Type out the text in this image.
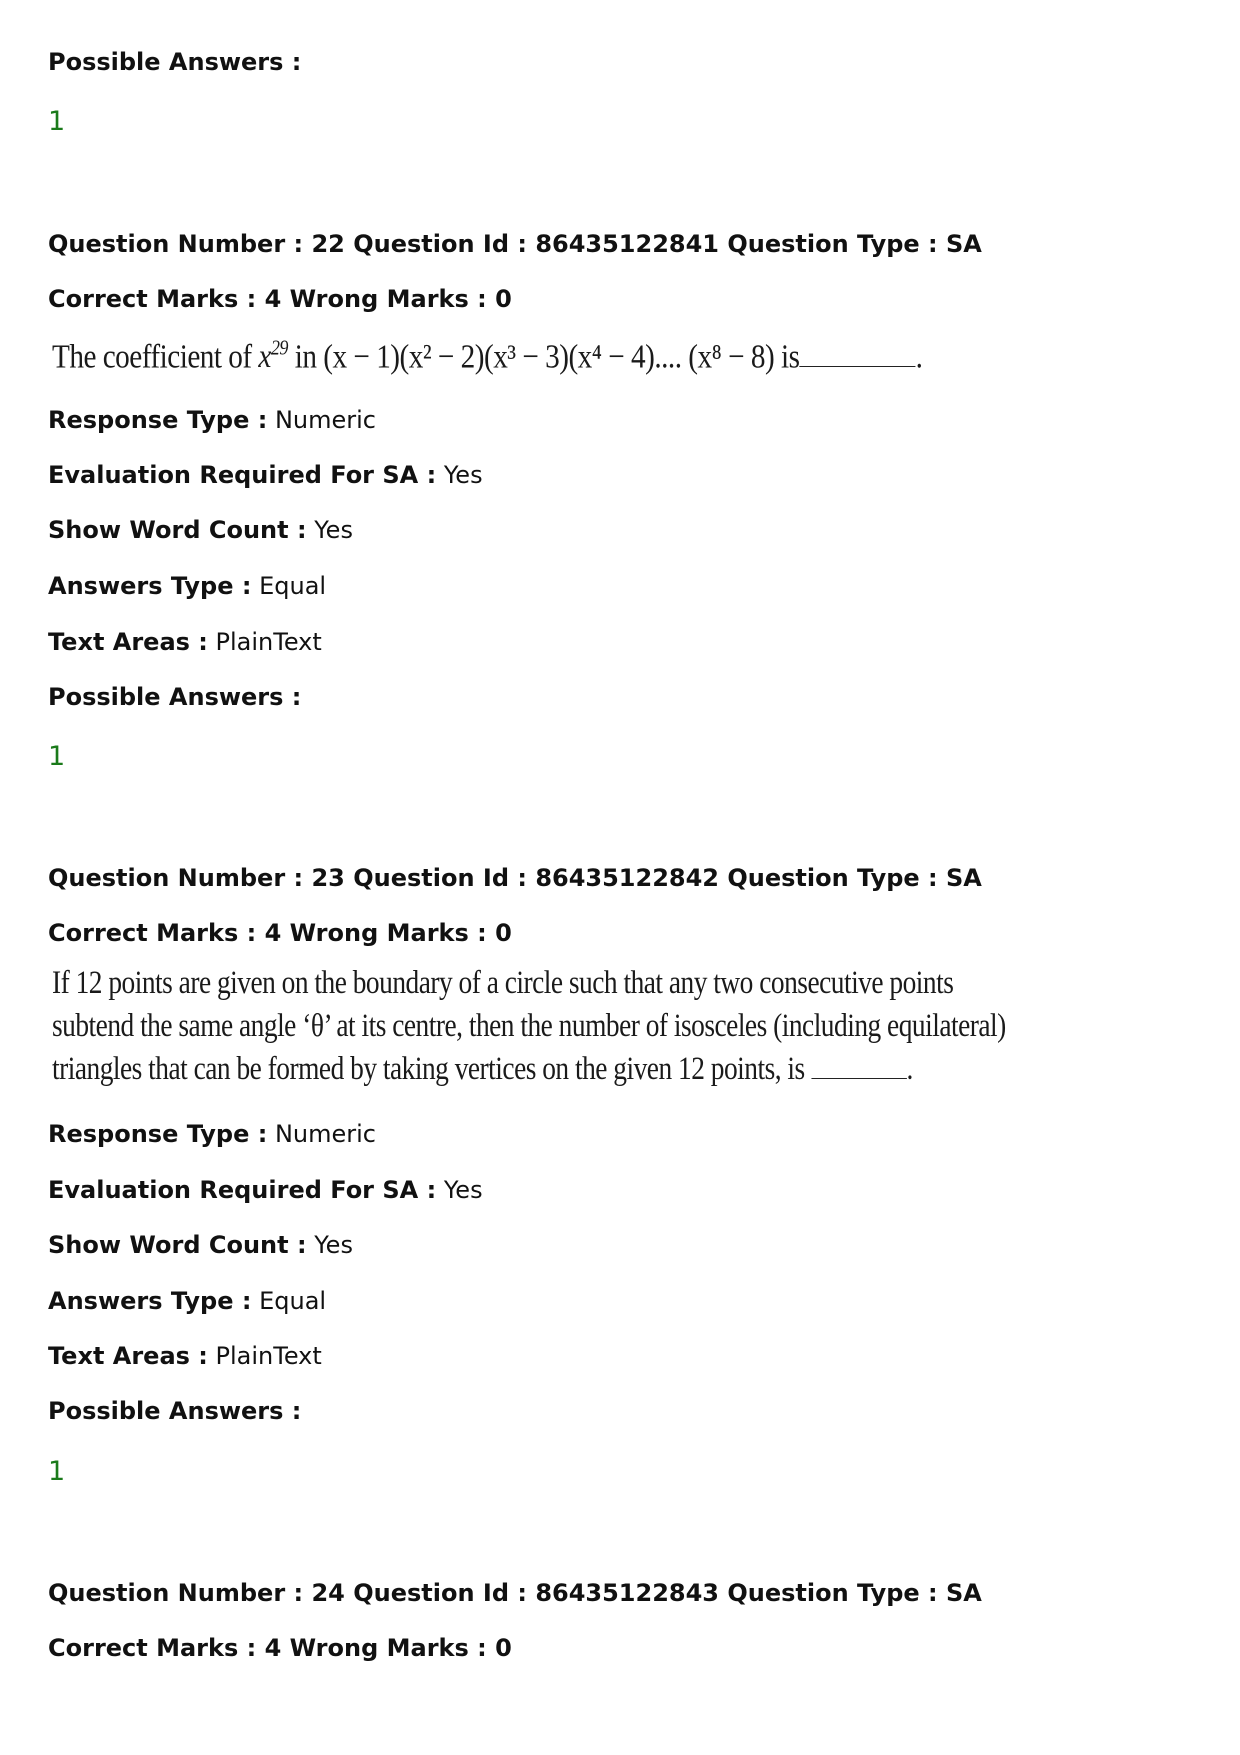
Possible Answers :
1
Question Number : 22 Question Id : 86435122841 Question Type : SA
Correct Marks : 4 Wrong Marks : 0
The coefficient of $x^{29}$ in (x − 1)(x² − 2)(x³ − 3)(x⁴ − 4).... (x⁸ − 8) is	.
Response Type : Numeric
Evaluation Required For SA : Yes
Show Word Count : Yes
Answers Type : Equal
Text Areas : PlainText
Possible Answers :
1
Question Number : 23 Question Id : 86435122842 Question Type : SA
Correct Marks : 4 Wrong Marks : 0
If 12 points are given on the boundary of a circle such that any two consecutive points
subtend the same angle ‘θ’ at its centre, then the number of isosceles (including equilateral)
triangles that can be formed by taking vertices on the given 12 points, is	.
Response Type : Numeric
Evaluation Required For SA : Yes
Show Word Count : Yes
Answers Type : Equal
Text Areas : PlainText
Possible Answers :
1
Question Number : 24 Question Id : 86435122843 Question Type : SA
Correct Marks : 4 Wrong Marks : 0
